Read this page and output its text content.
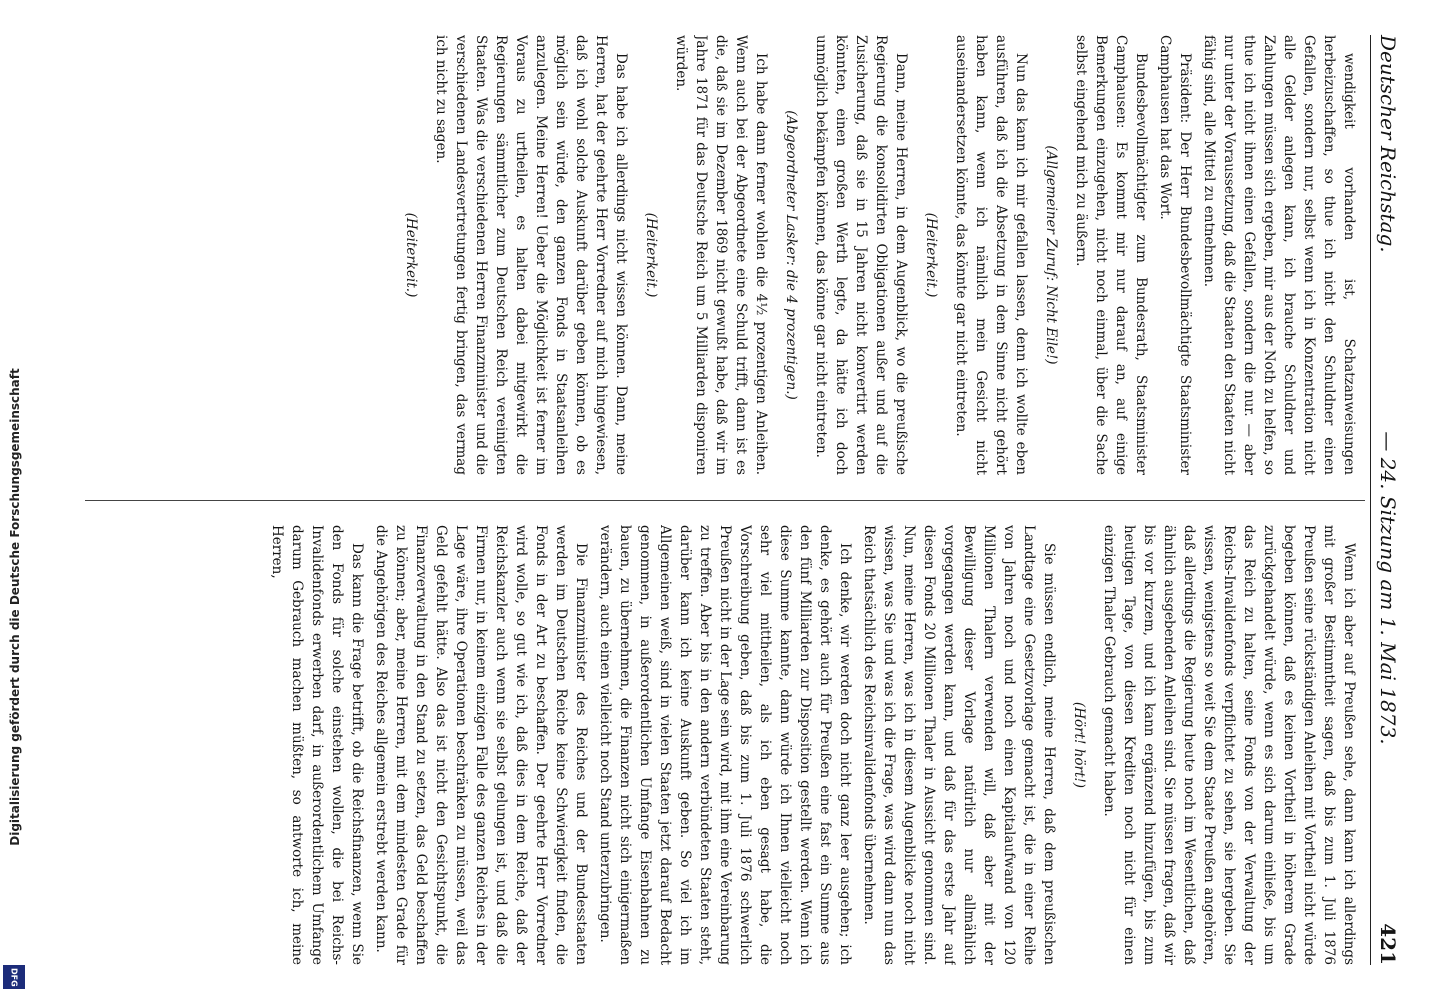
Digitalisierung gefördert durch die Deutsche Forschungsgemeinschaft
DFG
Deutscher Reichstag.
— 24. Sitzung am 1. Mai 1873.
421

wendigkeit vorhanden ist, Schatzanweisungen herbeizuschaffen, so thue ich nicht den Schuldner einen Gefallen, sondern nur, selbst wenn ich in Konzentration nicht alle Gelder anlegen kann, ich brauche Schuldner und Zahlungen müssen sich ergeben, mir aus der Noth zu helfen, so thue ich nicht ihnen einen Gefallen, sondern die nur. — aber nur unter der Voraussetzung, daß die Staaten den Staaten nicht fähig sind, alle Mittel zu entnehmen.

Präsident: Der Herr Bundesbevollmächtigte Staatsminister Camphausen hat das Wort.

Bundesbevollmächtigter zum Bundesrath, Staatsminister Camphausen: Es kommt mir nur darauf an, auf einige Bemerkungen einzugehen, nicht noch einmal, über die Sache selbst eingehend mich zu äußern.

(Allgemeiner Zuruf: Nicht Eile!)

Nun das kann ich mir gefallen lassen, denn ich wollte eben ausführen, daß ich die Absetzung in dem Sinne nicht gehört haben kann, wenn ich nämlich mein Gesicht nicht auseinandersetzen könnte, das könnte gar nicht eintreten.

(Heiterkeit.)

Dann, meine Herren, in dem Augenblick, wo die preußische Regierung die konsolidirten Obligationen außer und auf die Zusicherung, daß sie in 15 Jahren nicht konvertirt werden könnten, einen großen Werth legte, da hätte ich doch unmöglich bekämpfen können, das könne gar nicht eintreten.

(Abgeordneter Lasker: die 4 prozentigen.)

Ich habe dann ferner wohlen die 4½ prozentigen Anleihen. Wenn auch bei der Abgeordnete eine Schuld trifft, dann ist es die, daß sie im Dezember 1869 nicht gewußt habe, daß wir im Jahre 1871 für das Deutsche Reich um 5 Milliarden disponiren würden.

(Heiterkeit.)

Das habe ich allerdings nicht wissen können. Dann, meine Herren, hat der geehrte Herr Vorredner auf mich hingewiesen, daß ich wohl solche Auskunft darüber geben können, ob es möglich sein würde, den ganzen Fonds in Staatsanleihen anzulegen. Meine Herren! Ueber die Möglichkeit ist ferner im Voraus zu urtheilen, es halten dabei mitgewirkt die Regierungen sämmtlicher zum Deutschen Reich vereinigten Staaten. Was die verschiedenen Herren Finanzminister und die verschiedenen Landesvertretungen fertig bringen, das vermag ich nicht zu sagen.

(Heiterkeit.)

Wenn ich aber auf Preußen sehe, dann kann ich allerdings mit großer Bestimmtheit sagen, daß bis zum 1. Juli 1876 Preußen seine rückständigen Anleihen mit Vortheil nicht würde begeben können, daß es keinen Vortheil in höherem Grade zurückgehandelt würde, wenn es sich darum einließe, bis um das Reich zu halten, seine Fonds von der Verwaltung der Reichs-Invalidenfonds verpflichtet zu sehen, sie hergeben. Sie wissen, wenigstens so weit Sie dem Staate Preußen angehören, daß allerdings die Regierung heute noch im Wesentlichen, daß ähnlich ausgebenden Anleihen sind. Sie müssen fragen, daß wir bis vor kurzem, und ich kann ergänzend hinzufügen, bis zum heutigen Tage, von diesen Krediten noch nicht für einen einzigen Thaler Gebrauch gemacht haben.

(Hört! hört!)

Sie müssen endlich, meine Herren, daß dem preußischen Landtage eine Gesetzvorlage gemacht ist, die in einer Reihe von Jahren noch und noch einen Kapitalaufwand von 120 Millionen Thalern verwenden will, daß aber mit der Bewilligung dieser Vorlage natürlich nur allmählich vorgegangen werden kann, und daß für das erste Jahr auf diesen Fonds 20 Millionen Thaler in Aussicht genommen sind. Nun, meine Herren, was ich in diesem Augenblicke noch nicht wissen, was Sie und was ich die Frage, was wird dann nun das Reich thatsächlich des Reichsinvalidenfonds übernehmen.

Ich denke, wir werden doch nicht ganz leer ausgehen; ich denke, es gehört auch für Preußen eine fast ein Summe aus den fünf Milliarden zur Disposition gestellt werden. Wenn ich diese Summe kannte, dann würde ich Ihnen vielleicht noch sehr viel mittheilen, als ich eben gesagt habe, die Vorschreibung geben, daß bis zum 1. Juli 1876 schwerlich Preußen nicht in der Lage sein wird, mit ihm eine Vereinbarung zu treffen. Aber bis in den andern verbündeten Staaten steht, darüber kann ich keine Auskunft geben. So viel ich im Allgemeinen weiß, sind in vielen Staaten jetzt darauf Bedacht genommen, in außerordentlichen Umfange Eisenbahnen zu bauen, zu übernehmen, die Finanzen nicht sich einigermaßen verändern, auch einen vielleicht noch Stand unterzubringen.

Die Finanzminister des Reiches und der Bundesstaaten werden im Deutschen Reiche keine Schwierigkeit finden, die Fonds in der Art zu beschaffen. Der geehrte Herr Vorredner wird wolle, so gut wie ich, daß dies in dem Reiche, daß der Reichskanzler auch wenn sie selbst gelungen ist, und daß die Firmen nur, in keinem einzigen Falle des ganzen Reiches in der Lage wäre, ihre Operationen beschränken zu müssen, weil das Geld gefehlt hätte. Also das ist nicht den Gesichtspunkt, die Finanzverwaltung in den Stand zu setzen, das Geld beschaffen zu können; aber, meine Herren, mit dem mindesten Grade für die Angehörigen des Reiches allgemein erstrebt werden kann.

Das kann die Frage betrifft, ob die Reichsfinanzen, wenn Sie den Fonds für solche einstehen wollen, die bei Reichs-Invalidenfonds erwerben darf, in außerordentlichem Umfange darum Gebrauch machen müßten, so antworte ich, meine Herren,
